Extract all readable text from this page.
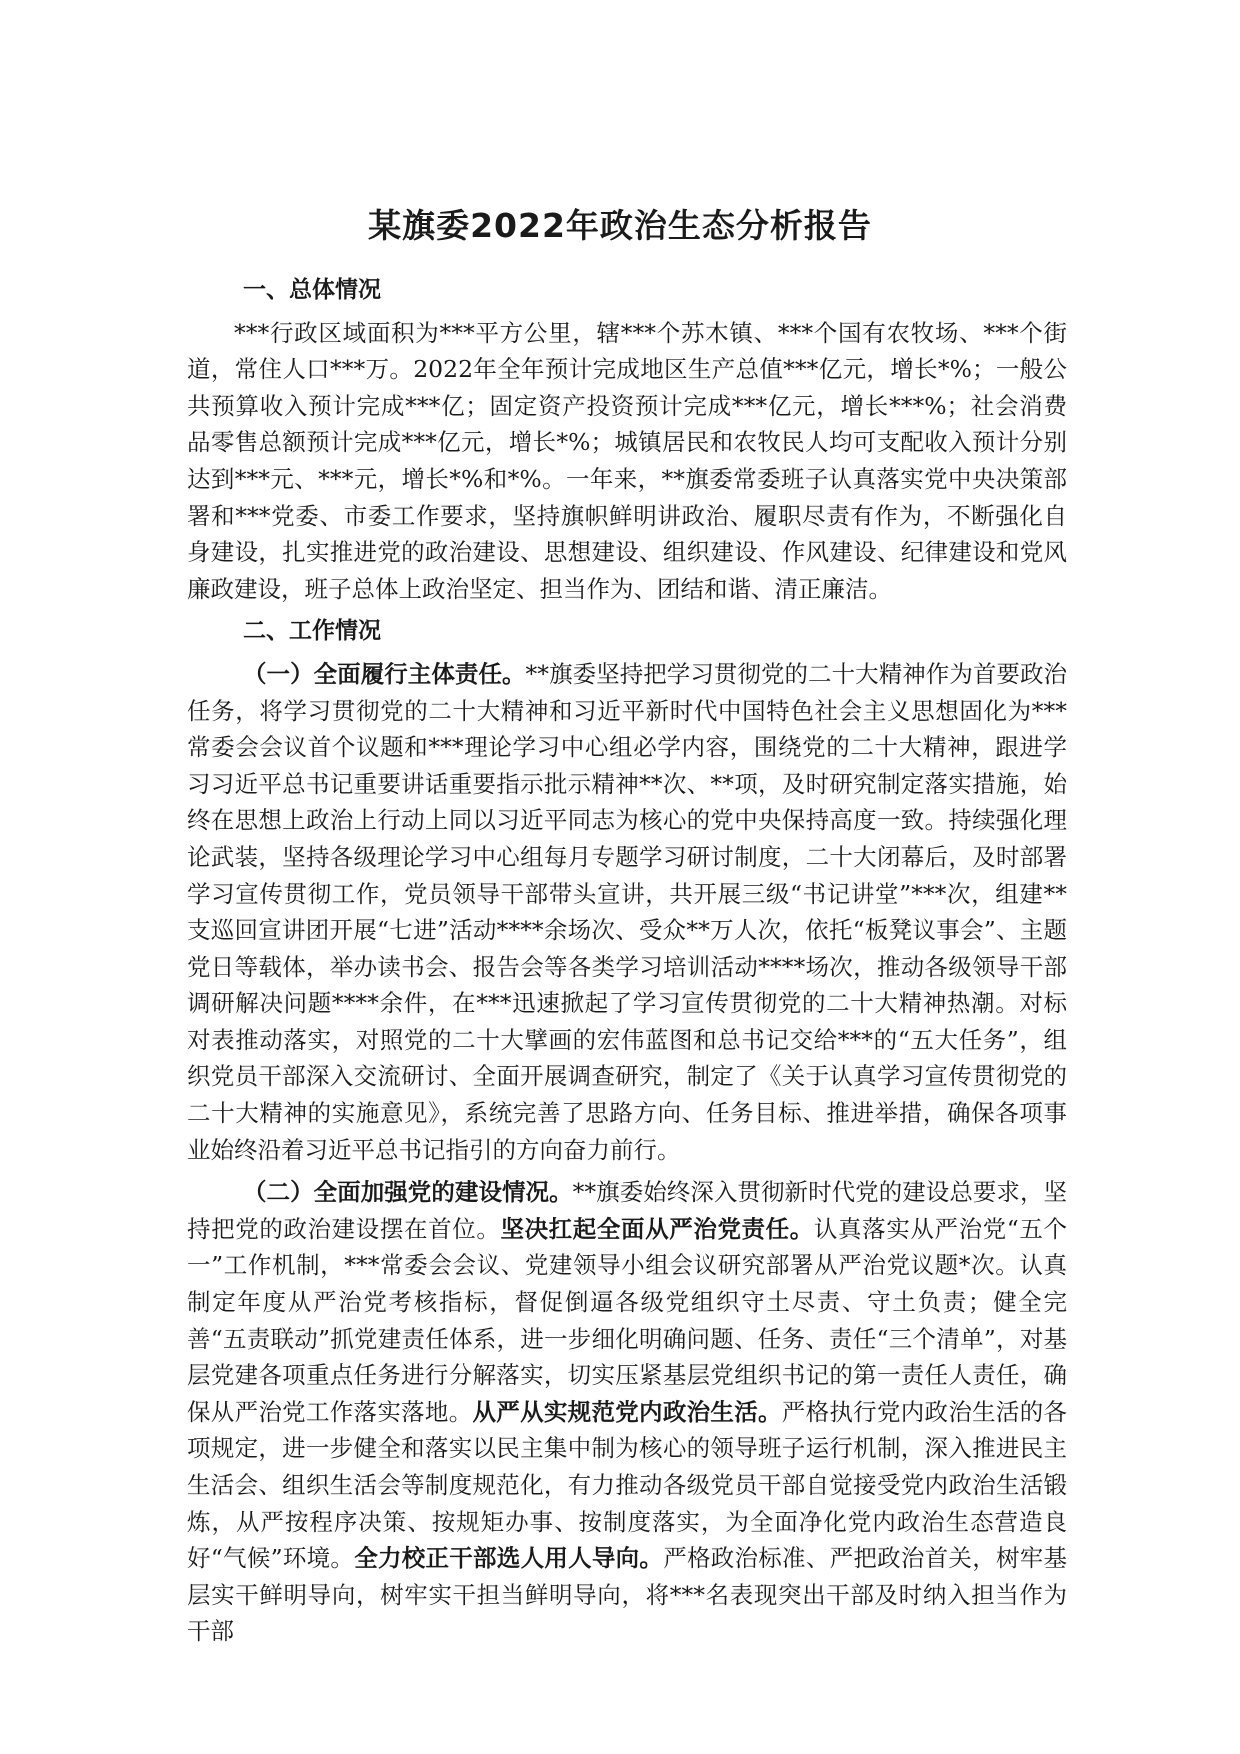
某旗委2022年政治生态分析报告
一、总体情况

***行政区域面积为***平方公里，辖***个苏木镇、***个国有农牧场、***个街道，常住人口***万。2022年全年预计完成地区生产总值***亿元，增长*%；一般公共预算收入预计完成***亿；固定资产投资预计完成***亿元，增长***%；社会消费品零售总额预计完成***亿元，增长*%；城镇居民和农牧民人均可支配收入预计分别达到***元、***元，增长*%和*%。一年来，**旗委常委班子认真落实党中央决策部署和***党委、市委工作要求，坚持旗帜鲜明讲政治、履职尽责有作为，不断强化自身建设，扎实推进党的政治建设、思想建设、组织建设、作风建设、纪律建设和党风廉政建设，班子总体上政治坚定、担当作为、团结和谐、清正廉洁。

二、工作情况

（一）全面履行主体责任。**旗委坚持把学习贯彻党的二十大精神作为首要政治任务，将学习贯彻党的二十大精神和习近平新时代中国特色社会主义思想固化为***常委会会议首个议题和***理论学习中心组必学内容，围绕党的二十大精神，跟进学习习近平总书记重要讲话重要指示批示精神**次、**项，及时研究制定落实措施，始终在思想上政治上行动上同以习近平同志为核心的党中央保持高度一致。持续强化理论武装，坚持各级理论学习中心组每月专题学习研讨制度，二十大闭幕后，及时部署学习宣传贯彻工作，党员领导干部带头宣讲，共开展三级“书记讲堂”***次，组建**支巡回宣讲团开展“七进”活动****余场次、受众**万人次，依托“板凳议事会”、主题党日等载体，举办读书会、报告会等各类学习培训活动****场次，推动各级领导干部调研解决问题****余件，在***迅速掀起了学习宣传贯彻党的二十大精神热潮。对标对表推动落实，对照党的二十大擘画的宏伟蓝图和总书记交给***的“五大任务”，组织党员干部深入交流研讨、全面开展调查研究，制定了《关于认真学习宣传贯彻党的二十大精神的实施意见》，系统完善了思路方向、任务目标、推进举措，确保各项事业始终沿着习近平总书记指引的方向奋力前行。

（二）全面加强党的建设情况。**旗委始终深入贯彻新时代党的建设总要求，坚持把党的政治建设摆在首位。坚决扛起全面从严治党责任。认真落实从严治党“五个一”工作机制，***常委会会议、党建领导小组会议研究部署从严治党议题*次。认真制定年度从严治党考核指标，督促倒逼各级党组织守土尽责、守土负责；健全完善“五责联动”抓党建责任体系，进一步细化明确问题、任务、责任“三个清单”，对基层党建各项重点任务进行分解落实，切实压紧基层党组织书记的第一责任人责任，确保从严治党工作落实落地。从严从实规范党内政治生活。严格执行党内政治生活的各项规定，进一步健全和落实以民主集中制为核心的领导班子运行机制，深入推进民主生活会、组织生活会等制度规范化，有力推动各级党员干部自觉接受党内政治生活锻炼，从严按程序决策、按规矩办事、按制度落实，为全面净化党内政治生态营造良好“气候”环境。全力校正干部选人用人导向。严格政治标准、严把政治首关，树牢基层实干鲜明导向，树牢实干担当鲜明导向，将***名表现突出干部及时纳入担当作为干部
